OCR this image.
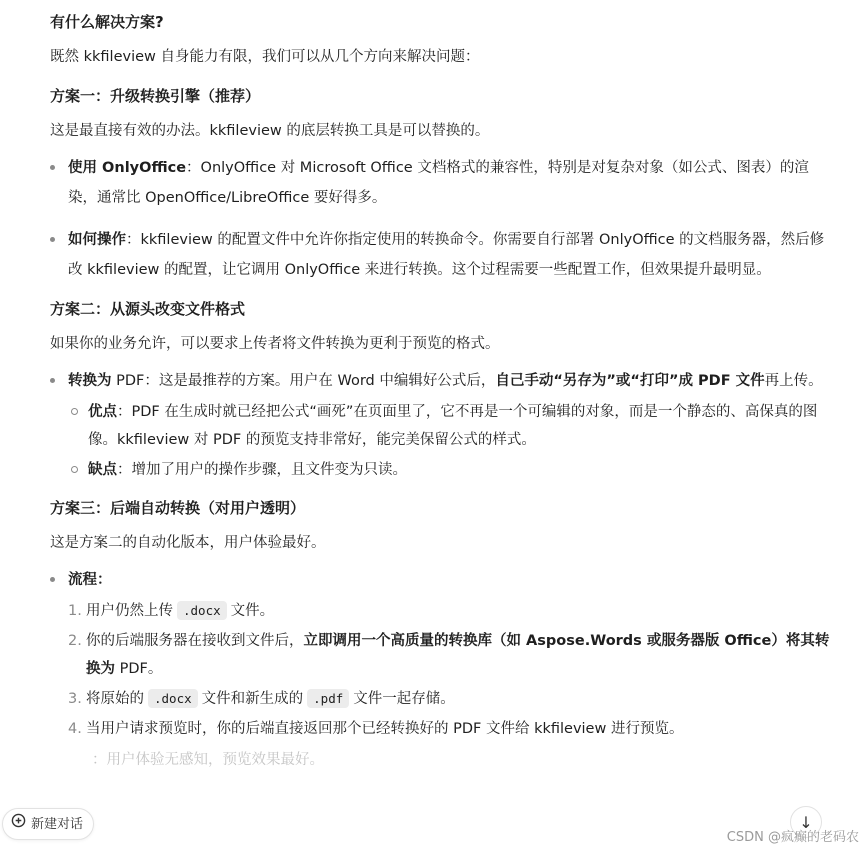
有什么解决方案?

既然 kkfileview 自身能力有限，我们可以从几个方向来解决问题：

方案一：升级转换引擎（推荐）

这是最直接有效的办法。kkfileview 的底层转换工具是可以替换的。

使用 OnlyOffice：OnlyOffice 对 Microsoft Office 文档格式的兼容性，特别是对复杂对象（如公式、图表）的渲染，通常比 OpenOffice/LibreOffice 要好得多。
如何操作：kkfileview 的配置文件中允许你指定使用的转换命令。你需要自行部署 OnlyOffice 的文档服务器，然后修改 kkfileview 的配置，让它调用 OnlyOffice 来进行转换。这个过程需要一些配置工作，但效果提升最明显。
方案二：从源头改变文件格式

如果你的业务允许，可以要求上传者将文件转换为更利于预览的格式。

转换为 PDF：这是最推荐的方案。用户在 Word 中编辑好公式后，自己手动“另存为”或“打印”成 PDF 文件再上传。
优点：PDF 在生成时就已经把公式“画死”在页面里了，它不再是一个可编辑的对象，而是一个静态的、高保真的图像。kkfileview 对 PDF 的预览支持非常好，能完美保留公式的样式。
缺点：增加了用户的操作步骤，且文件变为只读。
方案三：后端自动转换（对用户透明）

这是方案二的自动化版本，用户体验最好。

流程：
1. 用户仍然上传 .docx 文件。
2. 你的后端服务器在接收到文件后，立即调用一个高质量的转换库（如 Aspose.Words 或服务器版 Office）将其转换为 PDF。
3. 将原始的 .docx 文件和新生成的 .pdf 文件一起存储。
4. 当用户请求预览时，你的后端直接返回那个已经转换好的 PDF 文件给 kkfileview 进行预览。

：用户体验无感知，预览效果最好。

新建对话	↓
CSDN @疯癫的老码农
